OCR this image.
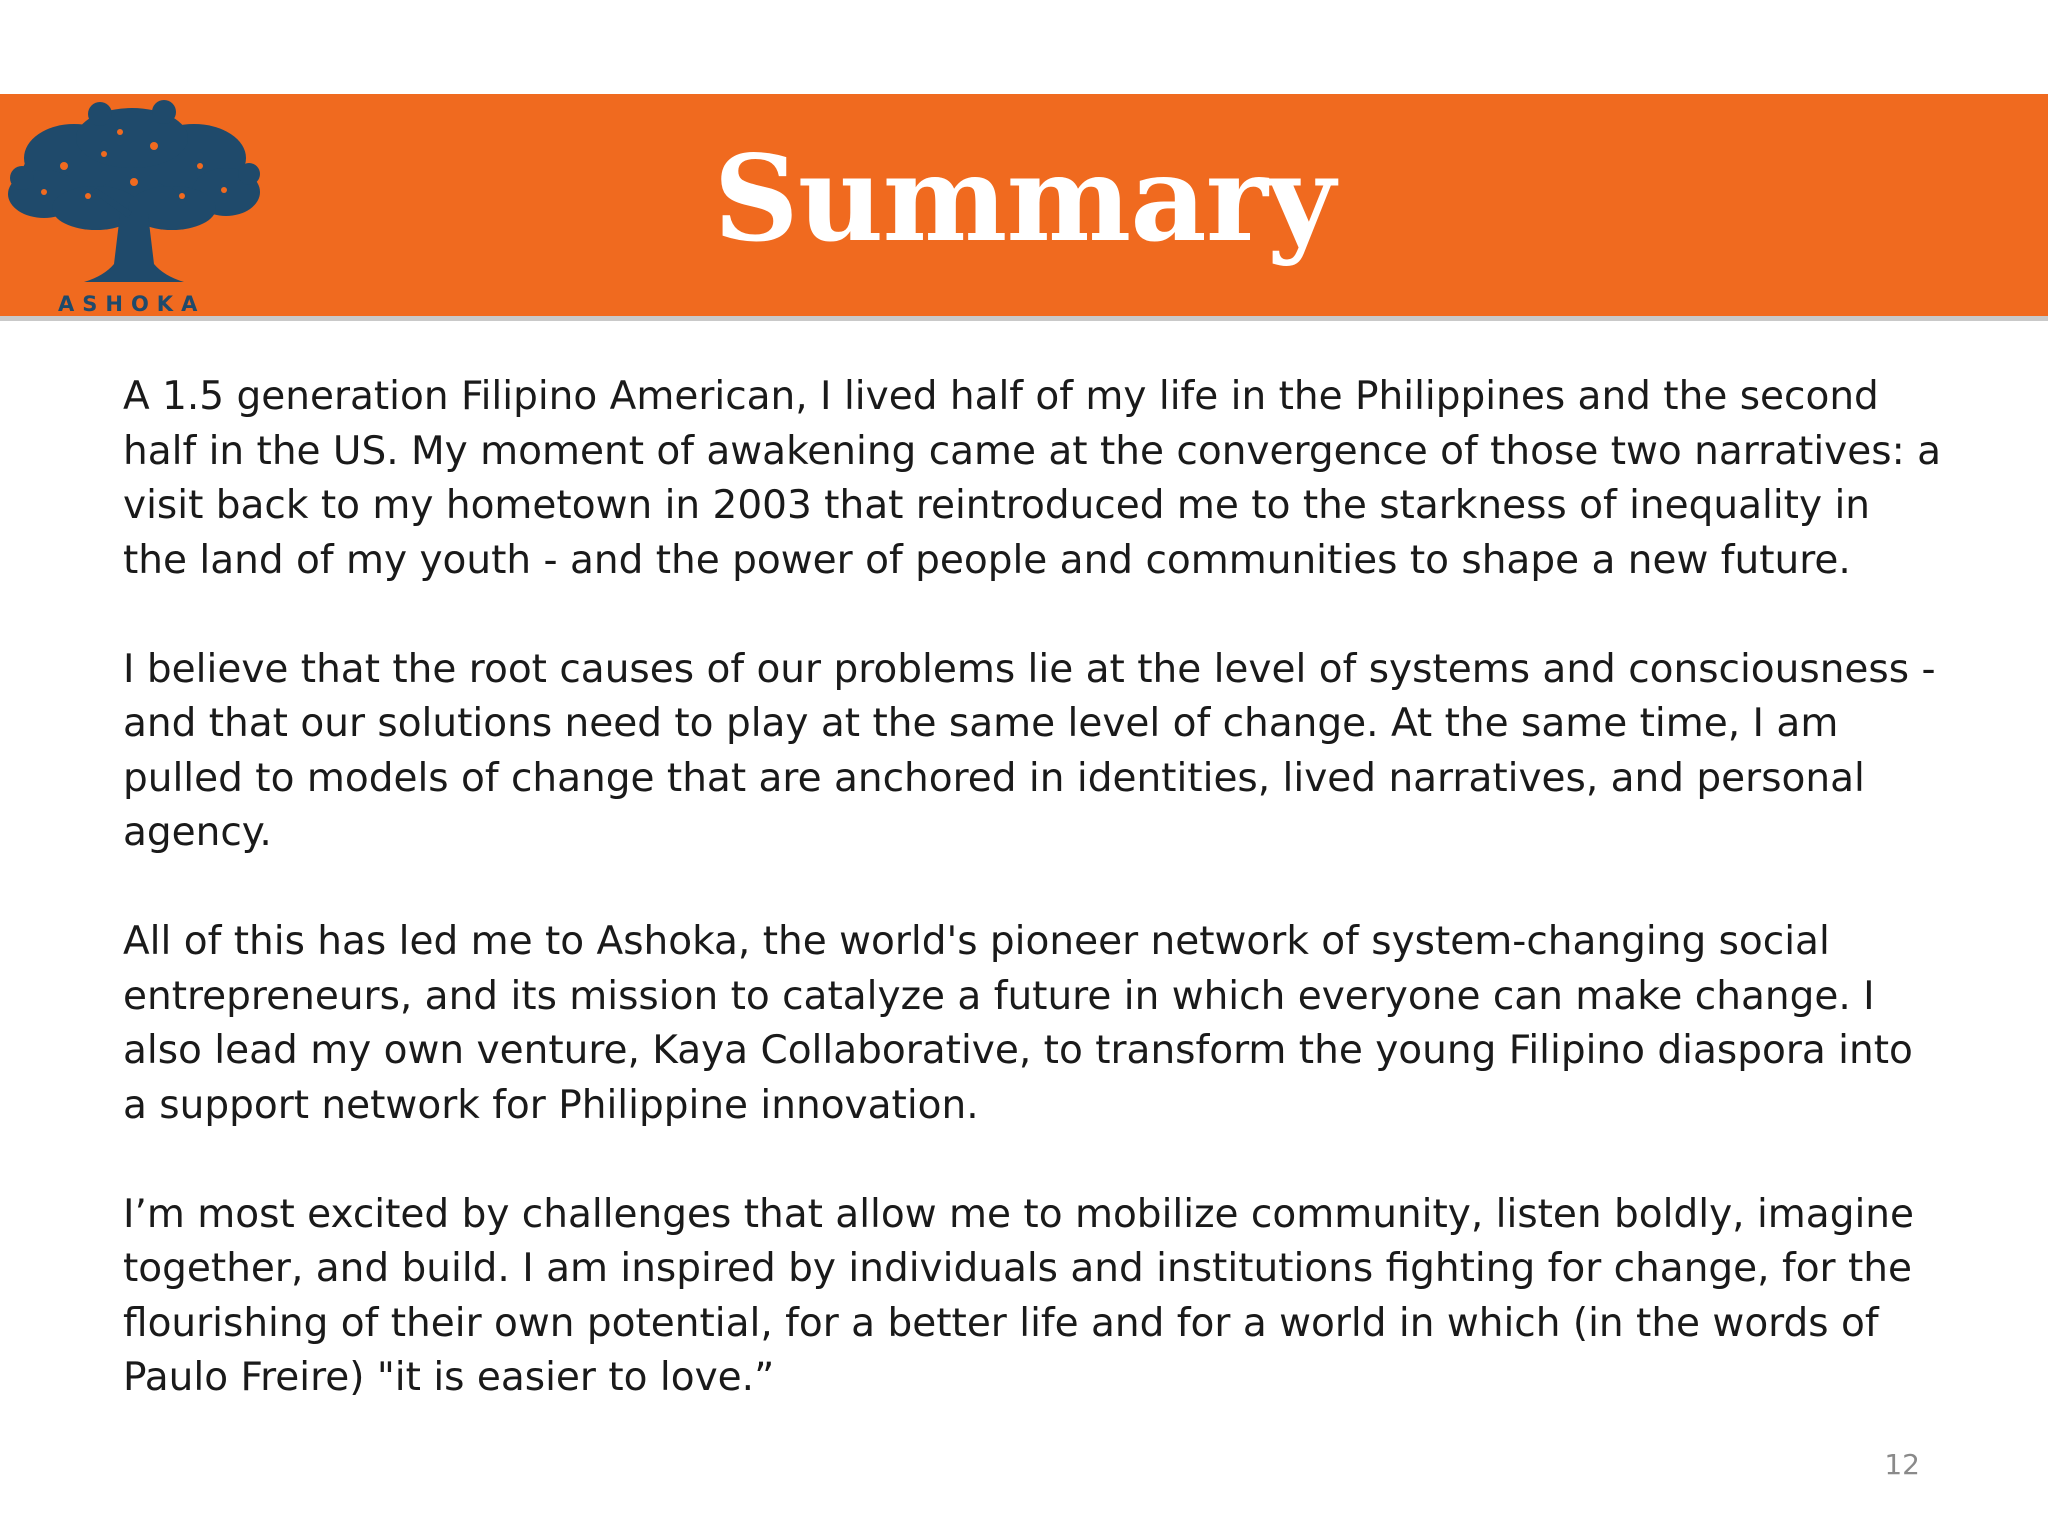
ASHOKA
Summary

A 1.5 generation Filipino American, I lived half of my life in the Philippines and the second half in the US. My moment of awakening came at the convergence of those two narratives: a visit back to my hometown in 2003 that reintroduced me to the starkness of inequality in the land of my youth - and the power of people and communities to shape a new future.

I believe that the root causes of our problems lie at the level of systems and consciousness - and that our solutions need to play at the same level of change. At the same time, I am pulled to models of change that are anchored in identities, lived narratives, and personal agency.

All of this has led me to Ashoka, the world's pioneer network of system-changing social entrepreneurs, and its mission to catalyze a future in which everyone can make change. I also lead my own venture, Kaya Collaborative, to transform the young Filipino diaspora into a support network for Philippine innovation.

I’m most excited by challenges that allow me to mobilize community, listen boldly, imagine together, and build. I am inspired by individuals and institutions fighting for change, for the flourishing of their own potential, for a better life and for a world in which (in the words of Paulo Freire) "it is easier to love.”

12
